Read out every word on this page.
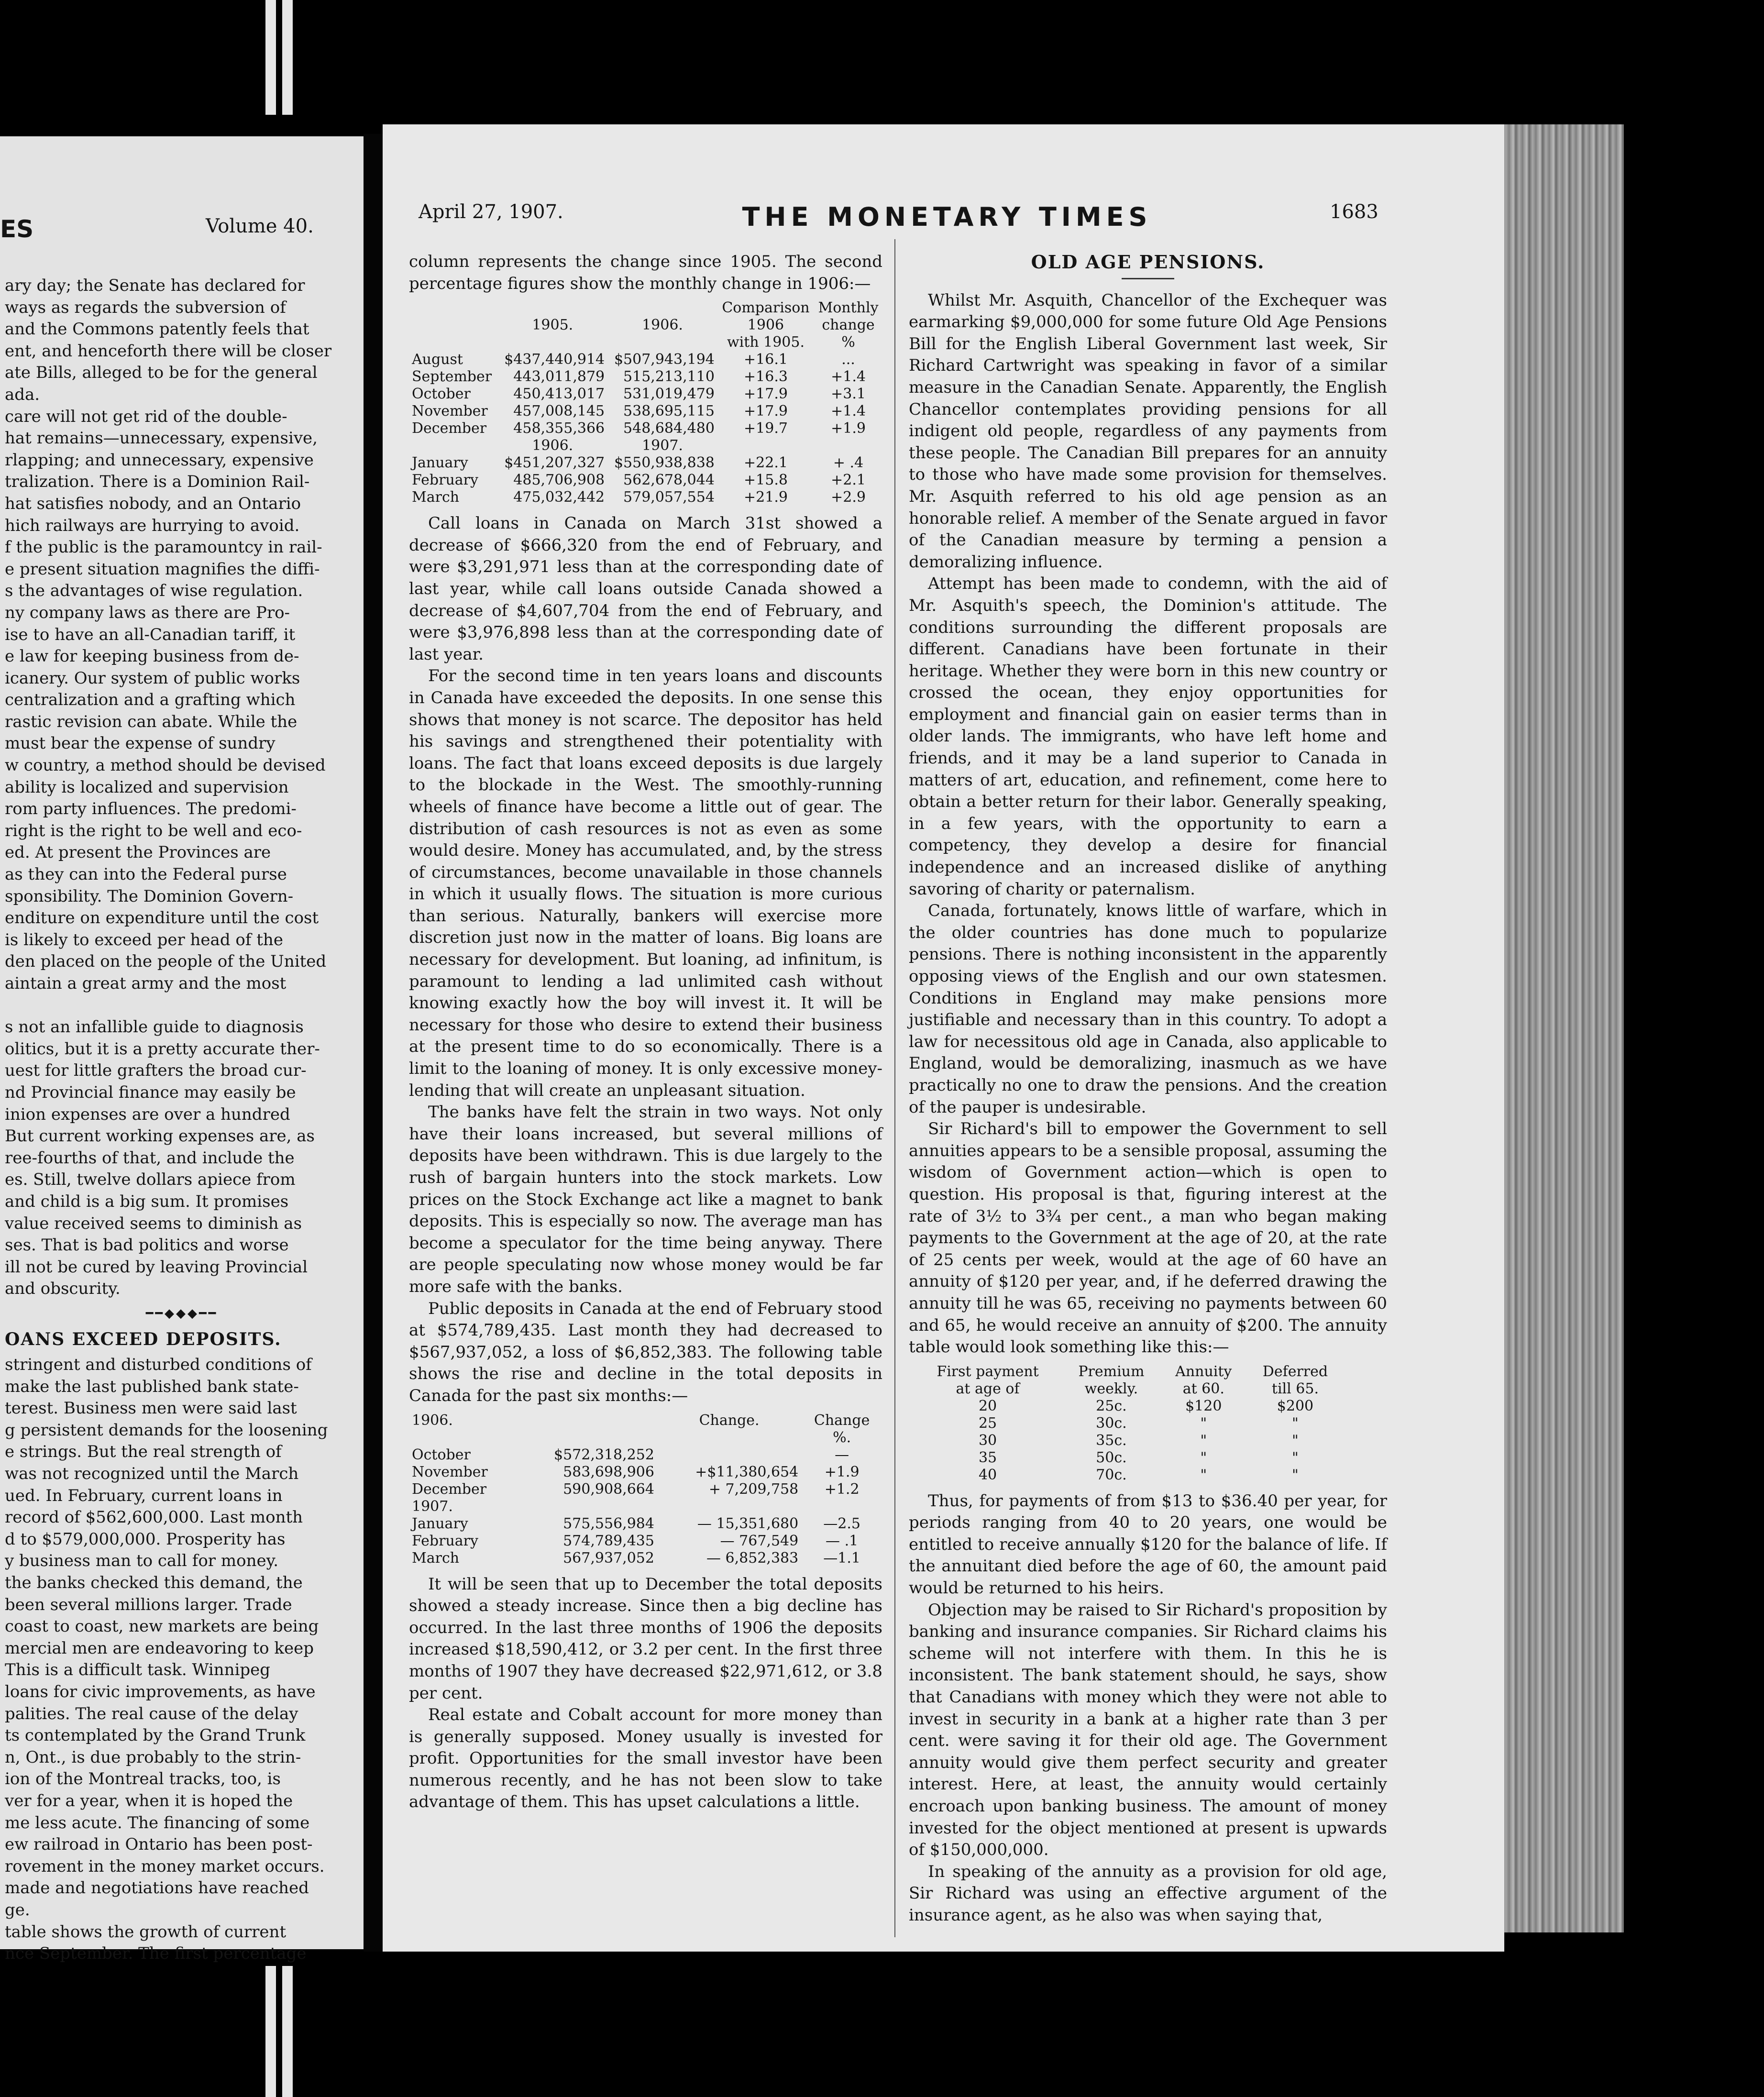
ES	Volume 40.
ary day; the Senate has declared for
ways as regards the subversion of
and the Commons patently feels that
ent, and henceforth there will be closer
ate Bills, alleged to be for the general
ada.
care will not get rid of the double-
hat remains—unnecessary, expensive,
rlapping; and unnecessary, expensive
tralization. There is a Dominion Rail-
hat satisfies nobody, and an Ontario
hich railways are hurrying to avoid.
f the public is the paramountcy in rail-
e present situation magnifies the diffi-
s the advantages of wise regulation.
ny company laws as there are Pro-
ise to have an all-Canadian tariff, it
e law for keeping business from de-
icanery. Our system of public works
centralization and a grafting which
rastic revision can abate. While the
must bear the expense of sundry
w country, a method should be devised
ability is localized and supervision
rom party influences. The predomi-
right is the right to be well and eco-
ed. At present the Provinces are
as they can into the Federal purse
sponsibility. The Dominion Govern-
enditure on expenditure until the cost
is likely to exceed per head of the
den placed on the people of the United
aintain a great army and the most

s not an infallible guide to diagnosis
olitics, but it is a pretty accurate ther-
uest for little grafters the broad cur-
nd Provincial finance may easily be
inion expenses are over a hundred
But current working expenses are, as
ree-fourths of that, and include the
es. Still, twelve dollars apiece from
and child is a big sum. It promises
value received seems to diminish as
ses. That is bad politics and worse
ill not be cured by leaving Provincial
and obscurity.
━━◆◆◆━━
OANS EXCEED DEPOSITS.
stringent and disturbed conditions of
make the last published bank state-
terest. Business men were said last
g persistent demands for the loosening
e strings. But the real strength of
was not recognized until the March
ued. In February, current loans in
record of $562,600,000. Last month
d to $579,000,000. Prosperity has
y business man to call for money.
the banks checked this demand, the
been several millions larger. Trade
coast to coast, new markets are being
mercial men are endeavoring to keep
This is a difficult task. Winnipeg
loans for civic improvements, as have
palities. The real cause of the delay
ts contemplated by the Grand Trunk
n, Ont., is due probably to the strin-
ion of the Montreal tracks, too, is
ver for a year, when it is hoped the
me less acute. The financing of some
ew railroad in Ontario has been post-
rovement in the money market occurs.
made and negotiations have reached
ge.
table shows the growth of current
nce September. The first percentage
April 27, 1907.	THE MONETARY TIMES	1683

column represents the change since 1905. The second percentage figures show the monthly change in 1906:—

			Comparison	Monthly
	1905.	1906.	1906	change
			with 1905.	%
August	$437,440,914	$507,943,194	+16.1	...
September	443,011,879	515,213,110	+16.3	+1.4
October	450,413,017	531,019,479	+17.9	+3.1
November	457,008,145	538,695,115	+17.9	+1.4
December	458,355,366	548,684,480	+19.7	+1.9
	1906.	1907.		
January	$451,207,327	$550,938,838	+22.1	+ .4
February	485,706,908	562,678,044	+15.8	+2.1
March	475,032,442	579,057,554	+21.9	+2.9

Call loans in Canada on March 31st showed a decrease of $666,320 from the end of February, and were $3,291,971 less than at the corresponding date of last year, while call loans outside Canada showed a decrease of $4,607,704 from the end of February, and were $3,976,898 less than at the corresponding date of last year.

For the second time in ten years loans and discounts in Canada have exceeded the deposits. In one sense this shows that money is not scarce. The depositor has held his savings and strengthened their potentiality with loans. The fact that loans exceed deposits is due largely to the blockade in the West. The smoothly-running wheels of finance have become a little out of gear. The distribution of cash resources is not as even as some would desire. Money has accumulated, and, by the stress of circumstances, become unavailable in those channels in which it usually flows. The situation is more curious than serious. Naturally, bankers will exercise more discretion just now in the matter of loans. Big loans are necessary for development. But loaning, ad infinitum, is paramount to lending a lad unlimited cash without knowing exactly how the boy will invest it. It will be necessary for those who desire to extend their business at the present time to do so economically. There is a limit to the loaning of money. It is only excessive money-lending that will create an unpleasant situation.

The banks have felt the strain in two ways. Not only have their loans increased, but several millions of deposits have been withdrawn. This is due largely to the rush of bargain hunters into the stock markets. Low prices on the Stock Exchange act like a magnet to bank deposits. This is especially so now. The average man has become a speculator for the time being anyway. There are people speculating now whose money would be far more safe with the banks.

Public deposits in Canada at the end of February stood at $574,789,435. Last month they had decreased to $567,937,052, a loss of $6,852,383. The following table shows the rise and decline in the total deposits in Canada for the past six months:—

1906.		Change.	Change
			%.
October	$572,318,252		—
November	583,698,906	+$11,380,654	+1.9
December	590,908,664	+ 7,209,758	+1.2
1907.			
January	575,556,984	— 15,351,680	—2.5
February	574,789,435	— 767,549	— .1
March	567,937,052	— 6,852,383	—1.1

It will be seen that up to December the total deposits showed a steady increase. Since then a big decline has occurred. In the last three months of 1906 the deposits increased $18,590,412, or 3.2 per cent. In the first three months of 1907 they have decreased $22,971,612, or 3.8 per cent.

Real estate and Cobalt account for more money than is generally supposed. Money usually is invested for profit. Opportunities for the small investor have been numerous recently, and he has not been slow to take advantage of them. This has upset calculations a little.

OLD AGE PENSIONS.

Whilst Mr. Asquith, Chancellor of the Exchequer was earmarking $9,000,000 for some future Old Age Pensions Bill for the English Liberal Government last week, Sir Richard Cartwright was speaking in favor of a similar measure in the Canadian Senate. Apparently, the English Chancellor contemplates providing pensions for all indigent old people, regardless of any payments from these people. The Canadian Bill prepares for an annuity to those who have made some provision for themselves. Mr. Asquith referred to his old age pension as an honorable relief. A member of the Senate argued in favor of the Canadian measure by terming a pension a demoralizing influence.

Attempt has been made to condemn, with the aid of Mr. Asquith's speech, the Dominion's attitude. The conditions surrounding the different proposals are different. Canadians have been fortunate in their heritage. Whether they were born in this new country or crossed the ocean, they enjoy opportunities for employment and financial gain on easier terms than in older lands. The immigrants, who have left home and friends, and it may be a land superior to Canada in matters of art, education, and refinement, come here to obtain a better return for their labor. Generally speaking, in a few years, with the opportunity to earn a competency, they develop a desire for financial independence and an increased dislike of anything savoring of charity or paternalism.

Canada, fortunately, knows little of warfare, which in the older countries has done much to popularize pensions. There is nothing inconsistent in the apparently opposing views of the English and our own statesmen. Conditions in England may make pensions more justifiable and necessary than in this country. To adopt a law for necessitous old age in Canada, also applicable to England, would be demoralizing, inasmuch as we have practically no one to draw the pensions. And the creation of the pauper is undesirable.

Sir Richard's bill to empower the Government to sell annuities appears to be a sensible proposal, assuming the wisdom of Government action—which is open to question. His proposal is that, figuring interest at the rate of 3½ to 3¾ per cent., a man who began making payments to the Government at the age of 20, at the rate of 25 cents per week, would at the age of 60 have an annuity of $120 per year, and, if he deferred drawing the annuity till he was 65, receiving no payments between 60 and 65, he would receive an annuity of $200. The annuity table would look something like this:—

First payment	Premium	Annuity	Deferred
at age of	weekly.	at 60.	till 65.
20	25c.	$120	$200
25	30c.	"	"
30	35c.	"	"
35	50c.	"	"
40	70c.	"	"

Thus, for payments of from $13 to $36.40 per year, for periods ranging from 40 to 20 years, one would be entitled to receive annually $120 for the balance of life. If the annuitant died before the age of 60, the amount paid would be returned to his heirs.

Objection may be raised to Sir Richard's proposition by banking and insurance companies. Sir Richard claims his scheme will not interfere with them. In this he is inconsistent. The bank statement should, he says, show that Canadians with money which they were not able to invest in security in a bank at a higher rate than 3 per cent. were saving it for their old age. The Government annuity would give them perfect security and greater interest. Here, at least, the annuity would certainly encroach upon banking business. The amount of money invested for the object mentioned at present is upwards of $150,000,000.

In speaking of the annuity as a provision for old age, Sir Richard was using an effective argument of the insurance agent, as he also was when saying that,
